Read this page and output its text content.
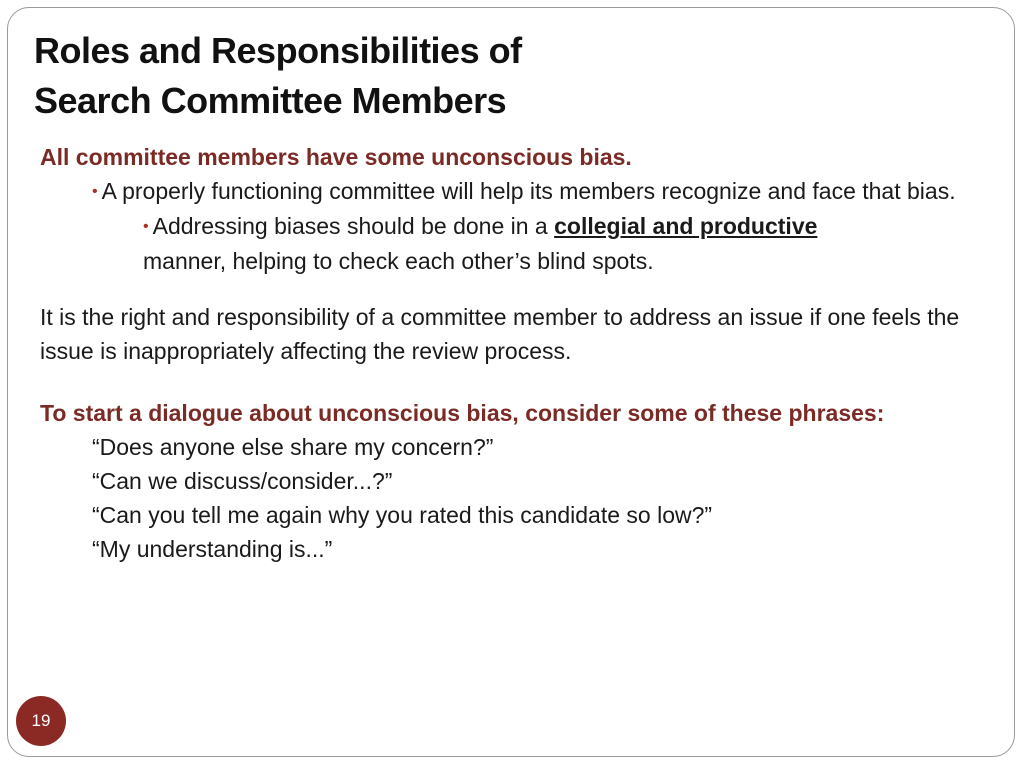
Roles and Responsibilities of
Search Committee Members

All committee members have some unconscious bias.

• A properly functioning committee will help its members recognize and face that bias.

• Addressing biases should be done in a collegial and productive
manner, helping to check each other’s blind spots.

It is the right and responsibility of a committee member to address an issue if one feels the issue is inappropriately affecting the review process.

To start a dialogue about unconscious bias, consider some of these phrases:

“Does anyone else share my concern?”

“Can we discuss/consider...?”

“Can you tell me again why you rated this candidate so low?”

“My understanding is...”

19
